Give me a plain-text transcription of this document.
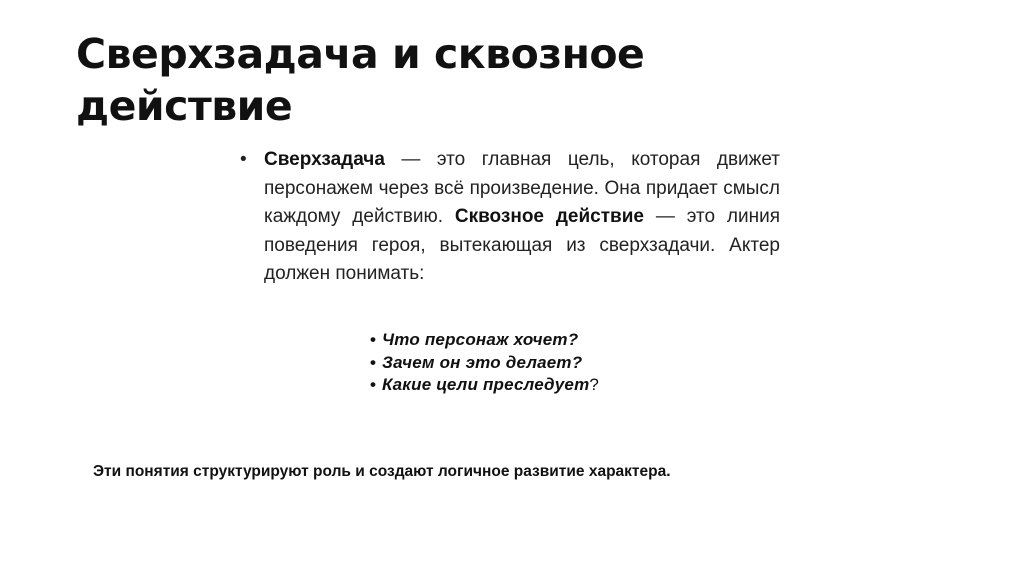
Сверхзадача и сквозное
действие
• Сверхзадача — это главная цель, которая движет персонажем через всё произведение. Она придает смысл каждому действию. Сквозное действие — это линия поведения героя, вытекающая из сверхзадачи. Актер должен понимать:
• Что персонаж хочет?
• Зачем он это делает?
• Какие цели преследует ?

Эти понятия структурируют роль и создают логичное развитие характера.
